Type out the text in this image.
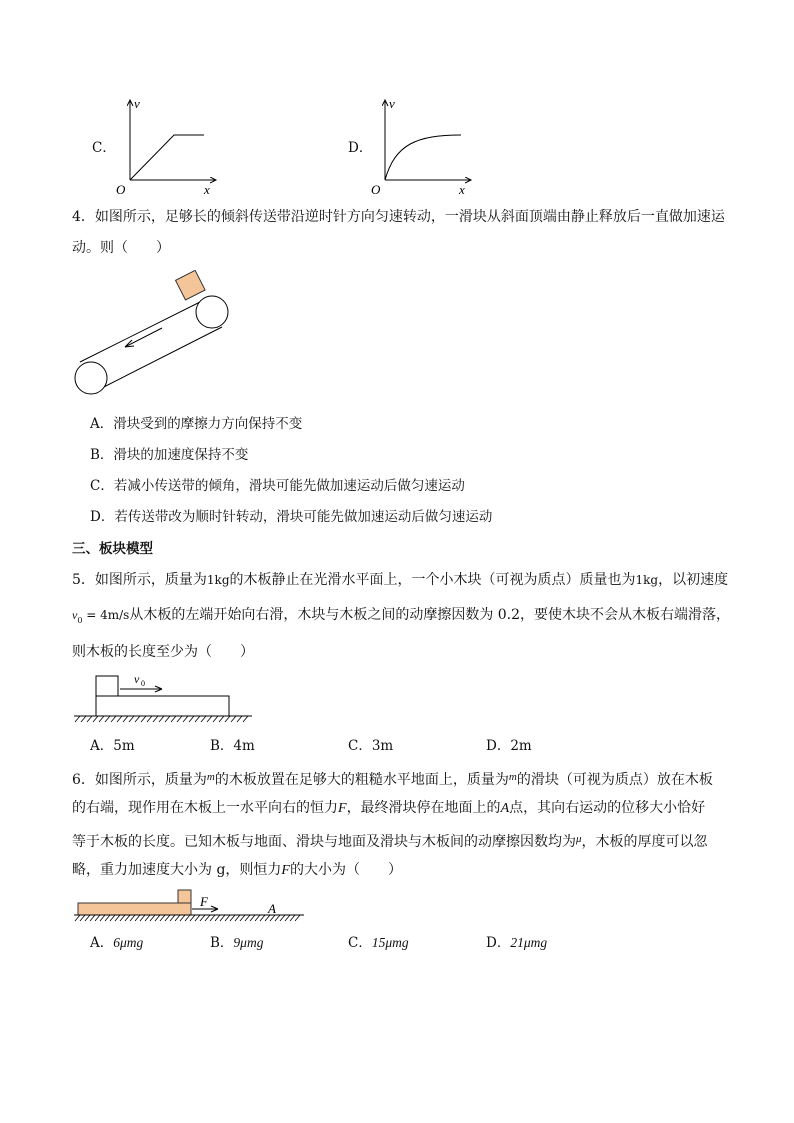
C．
v
x
O
D．
v
x
O
4．如图所示，足够长的倾斜传送带沿逆时针方向匀速转动，一滑块从斜面顶端由静止释放后一直做加速运
动。则（　　）
A．滑块受到的摩擦力方向保持不变
B．滑块的加速度保持不变
C．若减小传送带的倾角，滑块可能先做加速运动后做匀速运动
D．若传送带改为顺时针转动，滑块可能先做加速运动后做匀速运动
三、板块模型
5．如图所示，质量为1kg的木板静止在光滑水平面上，一个小木块（可视为质点）质量也为1kg，以初速度
$v_0 = 4m/s$从木板的左端开始向右滑，木块与木板之间的动摩擦因数为 0.2，要使木块不会从木板右端滑落，
则木板的长度至少为（　　）
v 0
A．5m	B．4m	C．3m	D．2m
6．如图所示，质量为$^m$的木板放置在足够大的粗糙水平地面上，质量为$^m$的滑块（可视为质点）放在木板
的右端，现作用在木板上一水平向右的恒力F，最终滑块停在地面上的A点，其向右运动的位移大小恰好
等于木板的长度。已知木板与地面、滑块与地面及滑块与木板间的动摩擦因数均为$^\mu$，木板的厚度可以忽
略，重力加速度大小为 g，则恒力F的大小为（　　）
F	A
A．6μmg	B．9μmg	C．15μmg	D．21μmg
